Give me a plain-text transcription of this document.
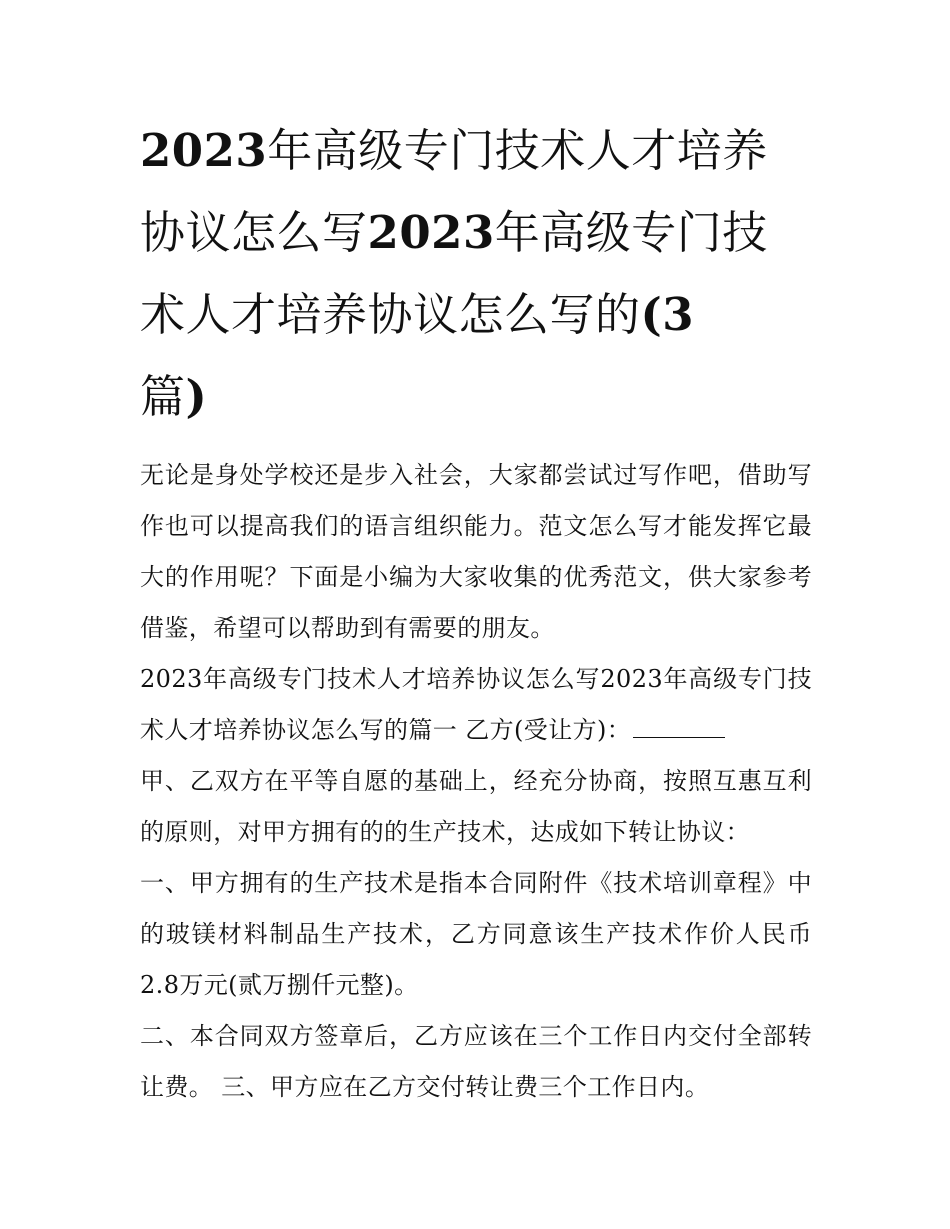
2023年高级专门技术人才培养协议怎么写2023年高级专门技术人才培养协议怎么写的(3
篇)

无论是身处学校还是步入社会，大家都尝试过写作吧，借助写作也可以提高我们的语言组织能力。范文怎么写才能发挥它最大的作用呢？下面是小编为大家收集的优秀范文，供大家参考借鉴，希望可以帮助到有需要的朋友。

2023年高级专门技术人才培养协议怎么写2023年高级专门技术人才培养协议怎么写的篇一 乙方(受让方)：

甲、乙双方在平等自愿的基础上，经充分协商，按照互惠互利的原则，对甲方拥有的的生产技术，达成如下转让协议：

一、甲方拥有的生产技术是指本合同附件《技术培训章程》中的玻镁材料制品生产技术，乙方同意该生产技术作价人民币2.8万元(贰万捌仟元整)。

二、本合同双方签章后，乙方应该在三个工作日内交付全部转让费。 三、甲方应在乙方交付转让费三个工作日内。
